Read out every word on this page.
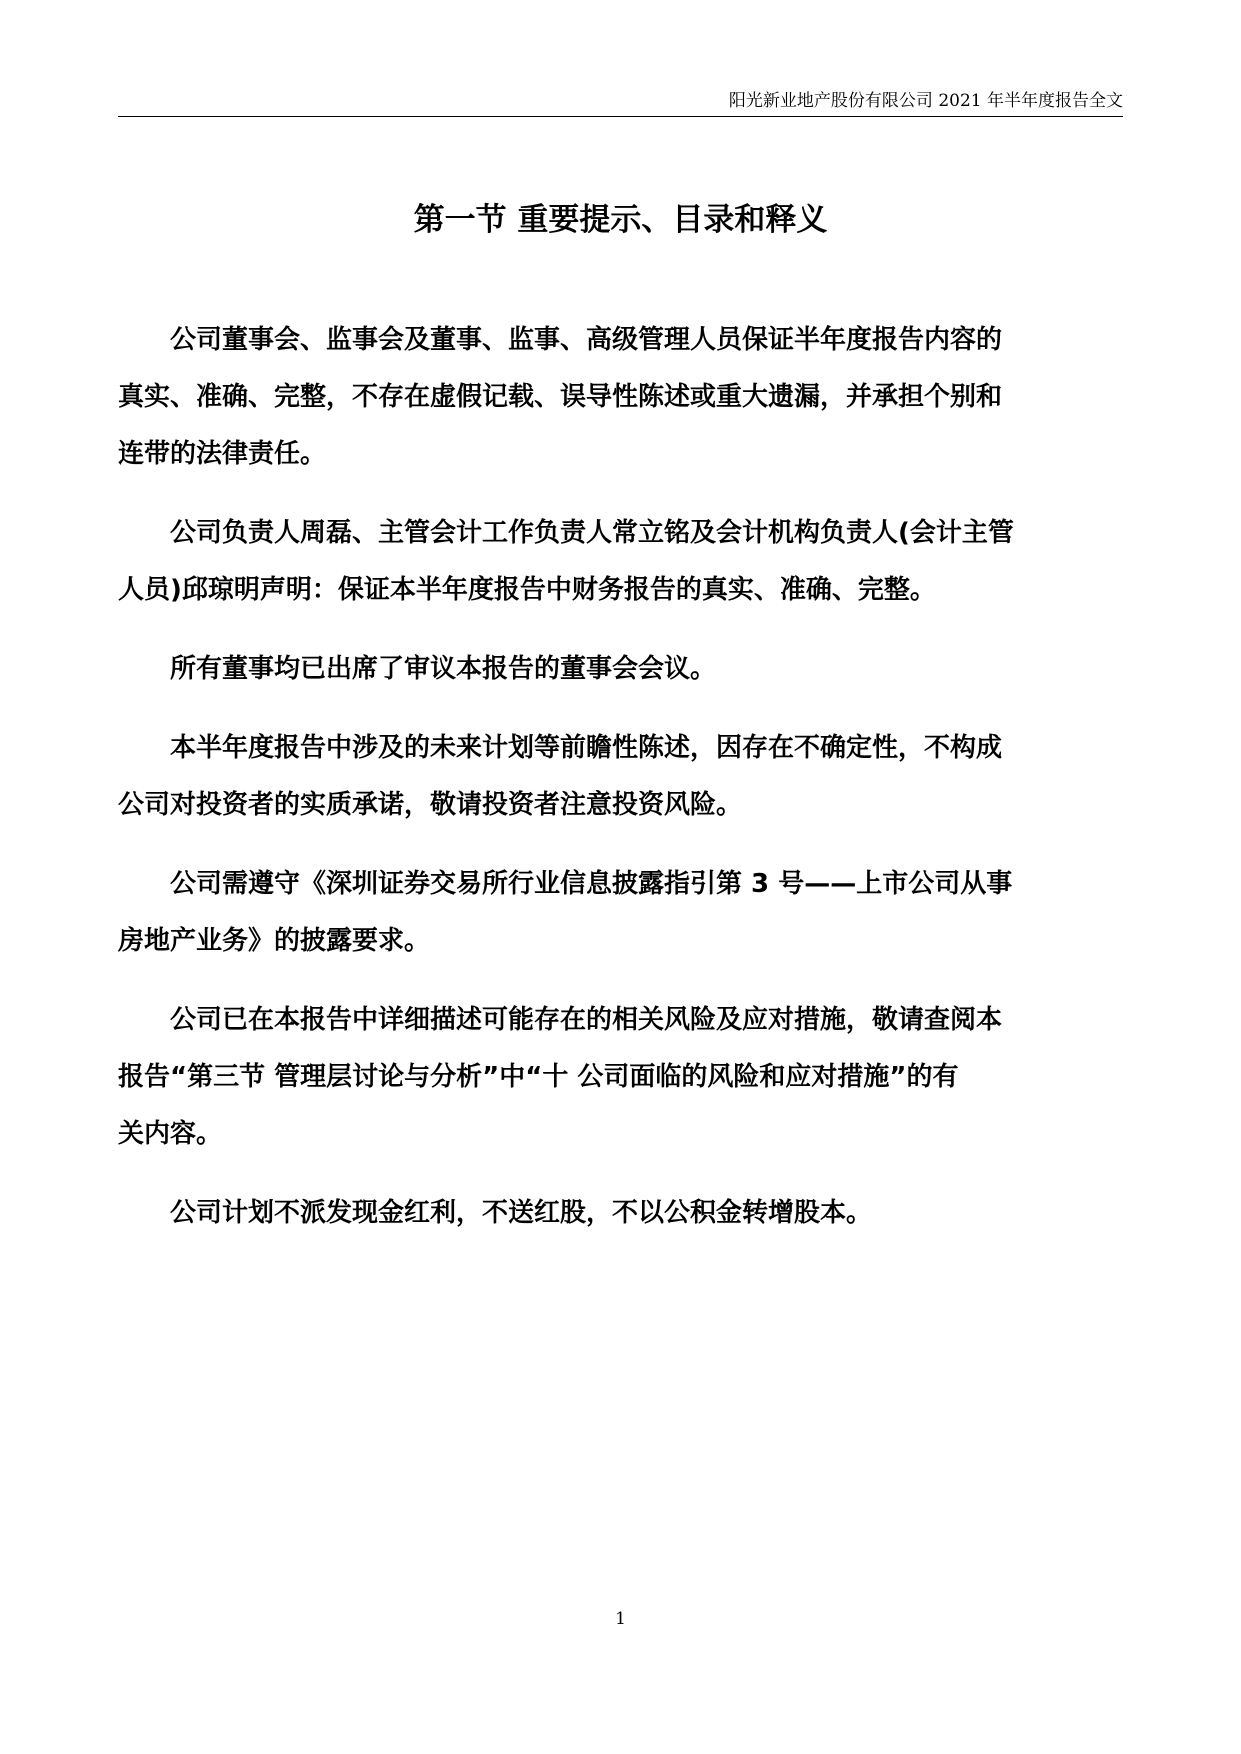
阳光新业地产股份有限公司 2021 年半年度报告全文
第一节 重要提示、目录和释义

公司董事会、监事会及董事、监事、高级管理人员保证半年度报告内容的
真实、准确、完整，不存在虚假记载、误导性陈述或重大遗漏，并承担个别和
连带的法律责任。

公司负责人周磊、主管会计工作负责人常立铭及会计机构负责人(会计主管
人员)邱琼明声明：保证本半年度报告中财务报告的真实、准确、完整。

所有董事均已出席了审议本报告的董事会会议。

本半年度报告中涉及的未来计划等前瞻性陈述，因存在不确定性，不构成
公司对投资者的实质承诺，敬请投资者注意投资风险。

公司需遵守《深圳证券交易所行业信息披露指引第 3 号——上市公司从事
房地产业务》的披露要求。

公司已在本报告中详细描述可能存在的相关风险及应对措施，敬请查阅本
报告“第三节 管理层讨论与分析”中“十 公司面临的风险和应对措施”的有
关内容。

公司计划不派发现金红利，不送红股，不以公积金转增股本。

1
